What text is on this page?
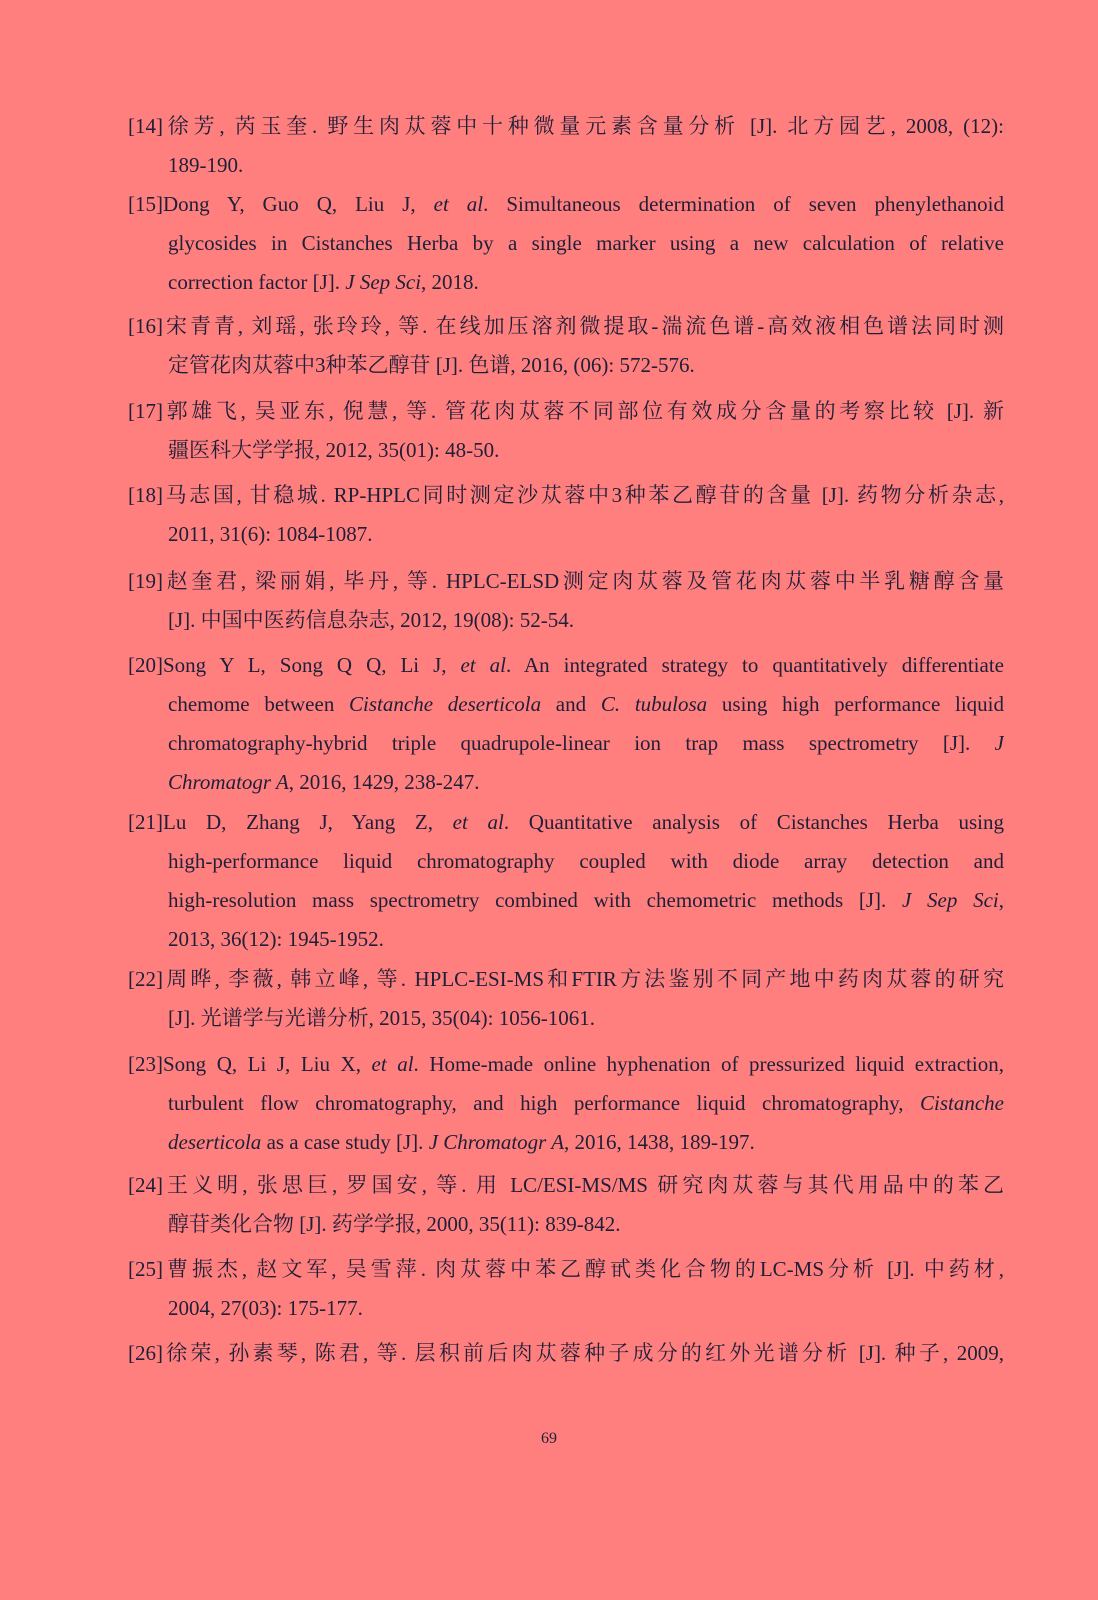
[14]徐芳, 芮玉奎. 野生肉苁蓉中十种微量元素含量分析 [J]. 北方园艺, 2008, (12):
189-190.
[15]Dong Y, Guo Q, Liu J, et al. Simultaneous determination of seven phenylethanoid
glycosides in Cistanches Herba by a single marker using a new calculation of relative
correction factor [J]. J Sep Sci, 2018.
[16]宋青青, 刘瑶, 张玲玲, 等. 在线加压溶剂微提取-湍流色谱-高效液相色谱法同时测
定管花肉苁蓉中3种苯乙醇苷 [J]. 色谱, 2016, (06): 572-576.
[17]郭雄飞, 吴亚东, 倪慧, 等. 管花肉苁蓉不同部位有效成分含量的考察比较 [J]. 新
疆医科大学学报, 2012, 35(01): 48-50.
[18]马志国, 甘稳城. RP-HPLC同时测定沙苁蓉中3种苯乙醇苷的含量 [J]. 药物分析杂志,
2011, 31(6): 1084-1087.
[19]赵奎君, 梁丽娟, 毕丹, 等. HPLC-ELSD测定肉苁蓉及管花肉苁蓉中半乳糖醇含量
[J]. 中国中医药信息杂志, 2012, 19(08): 52-54.
[20]Song Y L, Song Q Q, Li J, et al. An integrated strategy to quantitatively differentiate
chemome between Cistanche deserticola and C. tubulosa using high performance liquid
chromatography-hybrid triple quadrupole-linear ion trap mass spectrometry [J]. J
Chromatogr A, 2016, 1429, 238-247.
[21]Lu D, Zhang J, Yang Z, et al. Quantitative analysis of Cistanches Herba using
high-performance liquid chromatography coupled with diode array detection and
high-resolution mass spectrometry combined with chemometric methods [J]. J Sep Sci,
2013, 36(12): 1945-1952.
[22]周晔, 李薇, 韩立峰, 等. HPLC-ESI-MS和FTIR方法鉴别不同产地中药肉苁蓉的研究
[J]. 光谱学与光谱分析, 2015, 35(04): 1056-1061.
[23]Song Q, Li J, Liu X, et al. Home-made online hyphenation of pressurized liquid extraction,
turbulent flow chromatography, and high performance liquid chromatography, Cistanche
deserticola as a case study [J]. J Chromatogr A, 2016, 1438, 189-197.
[24]王义明, 张思巨, 罗国安, 等. 用 LC/ESI-MS/MS 研究肉苁蓉与其代用品中的苯乙
醇苷类化合物 [J]. 药学学报, 2000, 35(11): 839-842.
[25]曹振杰, 赵文军, 吴雪萍. 肉苁蓉中苯乙醇甙类化合物的LC-MS分析 [J]. 中药材,
2004, 27(03): 175-177.
[26]徐荣, 孙素琴, 陈君, 等. 层积前后肉苁蓉种子成分的红外光谱分析 [J]. 种子, 2009,
69
